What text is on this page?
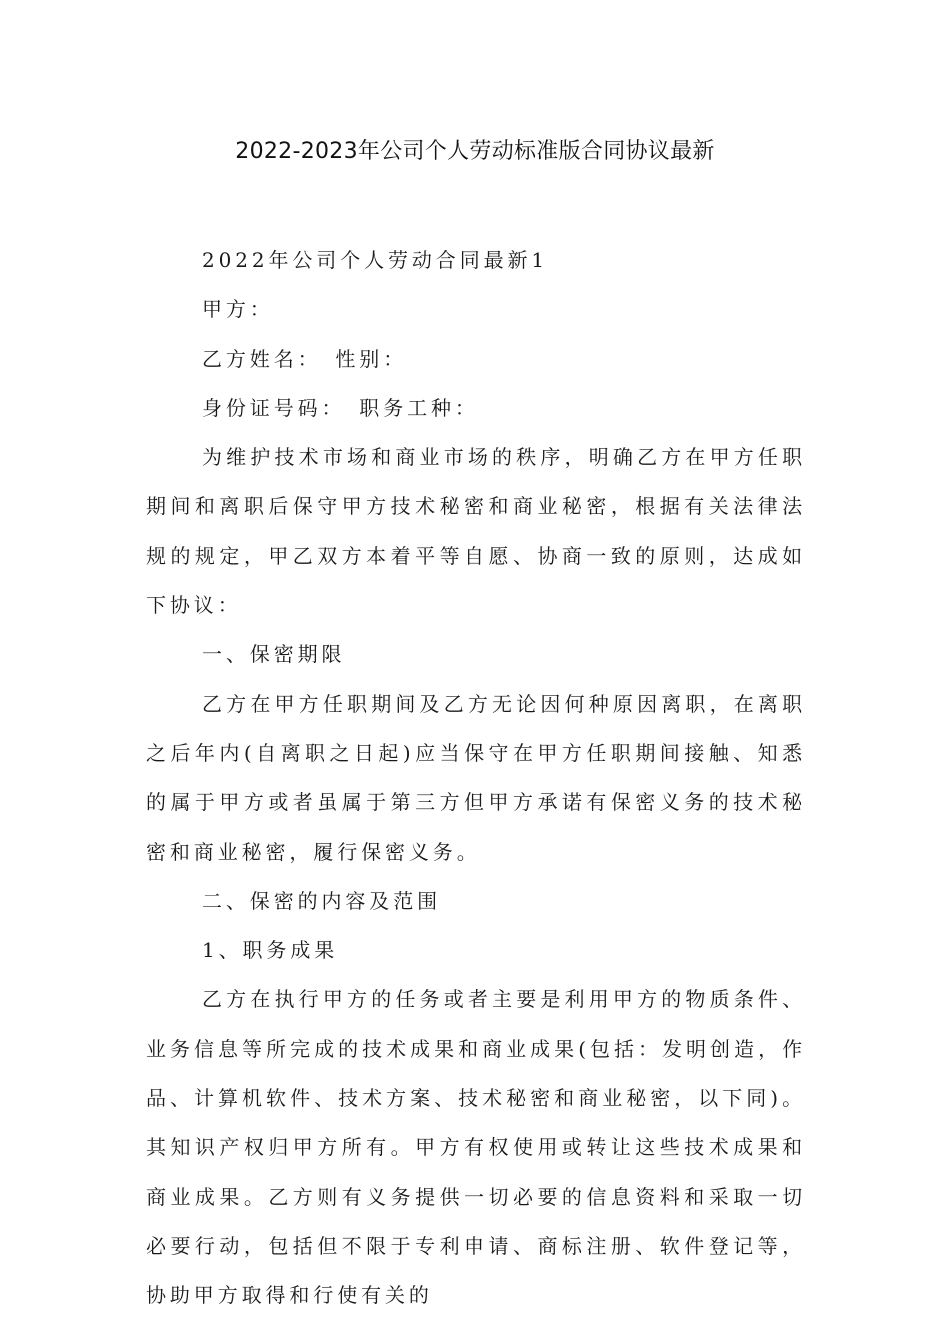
2022-2023年公司个人劳动标准版合同协议最新

2022年公司个人劳动合同最新1

甲方：

乙方姓名：　性别：

身份证号码：　职务工种：

为维护技术市场和商业市场的秩序，明确乙方在甲方任职期间和离职后保守甲方技术秘密和商业秘密，根据有关法律法规的规定，甲乙双方本着平等自愿、协商一致的原则，达成如下协议：

一、保密期限

乙方在甲方任职期间及乙方无论因何种原因离职，在离职之后年内(自离职之日起)应当保守在甲方任职期间接触、知悉的属于甲方或者虽属于第三方但甲方承诺有保密义务的技术秘密和商业秘密，履行保密义务。

二、保密的内容及范围

1、职务成果

乙方在执行甲方的任务或者主要是利用甲方的物质条件、业务信息等所完成的技术成果和商业成果(包括：发明创造，作品、计算机软件、技术方案、技术秘密和商业秘密，以下同)。其知识产权归甲方所有。甲方有权使用或转让这些技术成果和商业成果。乙方则有义务提供一切必要的信息资料和采取一切必要行动，包括但不限于专利申请、商标注册、软件登记等，协助甲方取得和行使有关的
